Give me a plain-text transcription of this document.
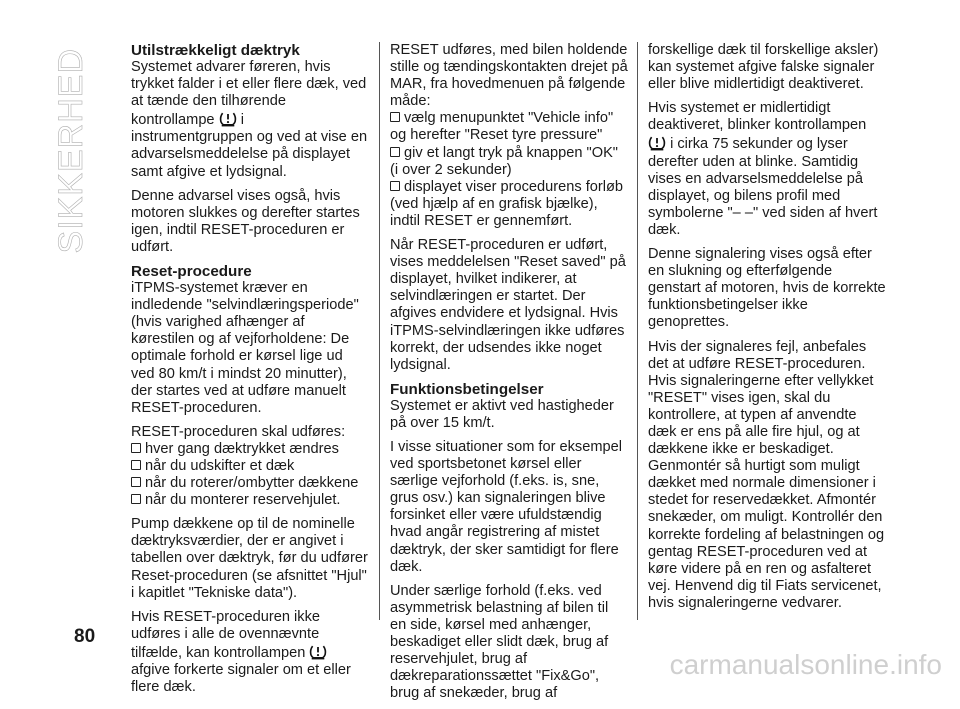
SIKKERHED	Utilstrækkeligt dæktryk

Systemet advarer føreren, hvis trykket falder i et eller flere dæk, ved at tænde den tilhørende kontrollampe i instrumentgruppen og ved at vise en advarselsmeddelelse på displayet samt afgive et lydsignal.

Denne advarsel vises også, hvis motoren slukkes og derefter startes igen, indtil RESET-proceduren er udført.

Reset-procedure

iTPMS-systemet kræver en indledende "selvindlæringsperiode" (hvis varighed afhænger af kørestilen og af vejforholdene: De optimale forhold er kørsel lige ud ved 80 km/t i mindst 20 minutter), der startes ved at udføre manuelt RESET-proceduren.

RESET-proceduren skal udføres:

hver gang dæktrykket ændres
når du udskifter et dæk
når du roterer/ombytter dækkene
når du monterer reservehjulet.

Pump dækkene op til de nominelle dæktryksværdier, der er angivet i tabellen over dæktryk, før du udfører Reset-proceduren (se afsnittet "Hjul" i kapitlet "Tekniske data").

Hvis RESET-proceduren ikke udføres i alle de ovennævnte tilfælde, kan kontrollampen  afgive forkerte signaler om et eller flere dæk.

RESET udføres, med bilen holdende stille og tændingskontakten drejet på MAR, fra hovedmenuen på følgende måde:

vælg menupunktet "Vehicle info" og herefter "Reset tyre pressure"
giv et langt tryk på knappen "OK" (i over 2 sekunder)
displayet viser procedurens forløb (ved hjælp af en grafisk bjælke), indtil RESET er gennemført.

Når RESET-proceduren er udført, vises meddelelsen "Reset saved" på displayet, hvilket indikerer, at selvindlæringen er startet. Der afgives endvidere et lydsignal. Hvis iTPMS-selvindlæringen ikke udføres korrekt, der udsendes ikke noget lydsignal.

Funktionsbetingelser

Systemet er aktivt ved hastigheder på over 15 km/t.

I visse situationer som for eksempel ved sportsbetonet kørsel eller særlige vejforhold (f.eks. is, sne, grus osv.) kan signaleringen blive forsinket eller være ufuldstændig hvad angår registrering af mistet dæktryk, der sker samtidigt for flere dæk.

Under særlige forhold (f.eks. ved asymmetrisk belastning af bilen til en side, kørsel med anhænger, beskadiget eller slidt dæk, brug af reservehjulet, brug af dækreparationssættet "Fix&Go", brug af snekæder, brug af

forskellige dæk til forskellige aksler) kan systemet afgive falske signaler eller blive midlertidigt deaktiveret.

Hvis systemet er midlertidigt deaktiveret, blinker kontrollampen  i cirka 75 sekunder og lyser derefter uden at blinke. Samtidig vises en advarselsmeddelelse på displayet, og bilens profil med symbolerne "– –" ved siden af hvert dæk.

Denne signalering vises også efter en slukning og efterfølgende genstart af motoren, hvis de korrekte funktionsbetingelser ikke genoprettes.

Hvis der signaleres fejl, anbefales det at udføre RESET-proceduren. Hvis signaleringerne efter vellykket "RESET" vises igen, skal du kontrollere, at typen af anvendte dæk er ens på alle fire hjul, og at dækkene ikke er beskadiget. Genmontér så hurtigt som muligt dækket med normale dimensioner i stedet for reservedækket. Afmontér snekæder, om muligt. Kontrollér den korrekte fordeling af belastningen og gentag RESET-proceduren ved at køre videre på en ren og asfalteret vej. Henvend dig til Fiats servicenet, hvis signaleringerne vedvarer.

80
carmanualsonline.info
